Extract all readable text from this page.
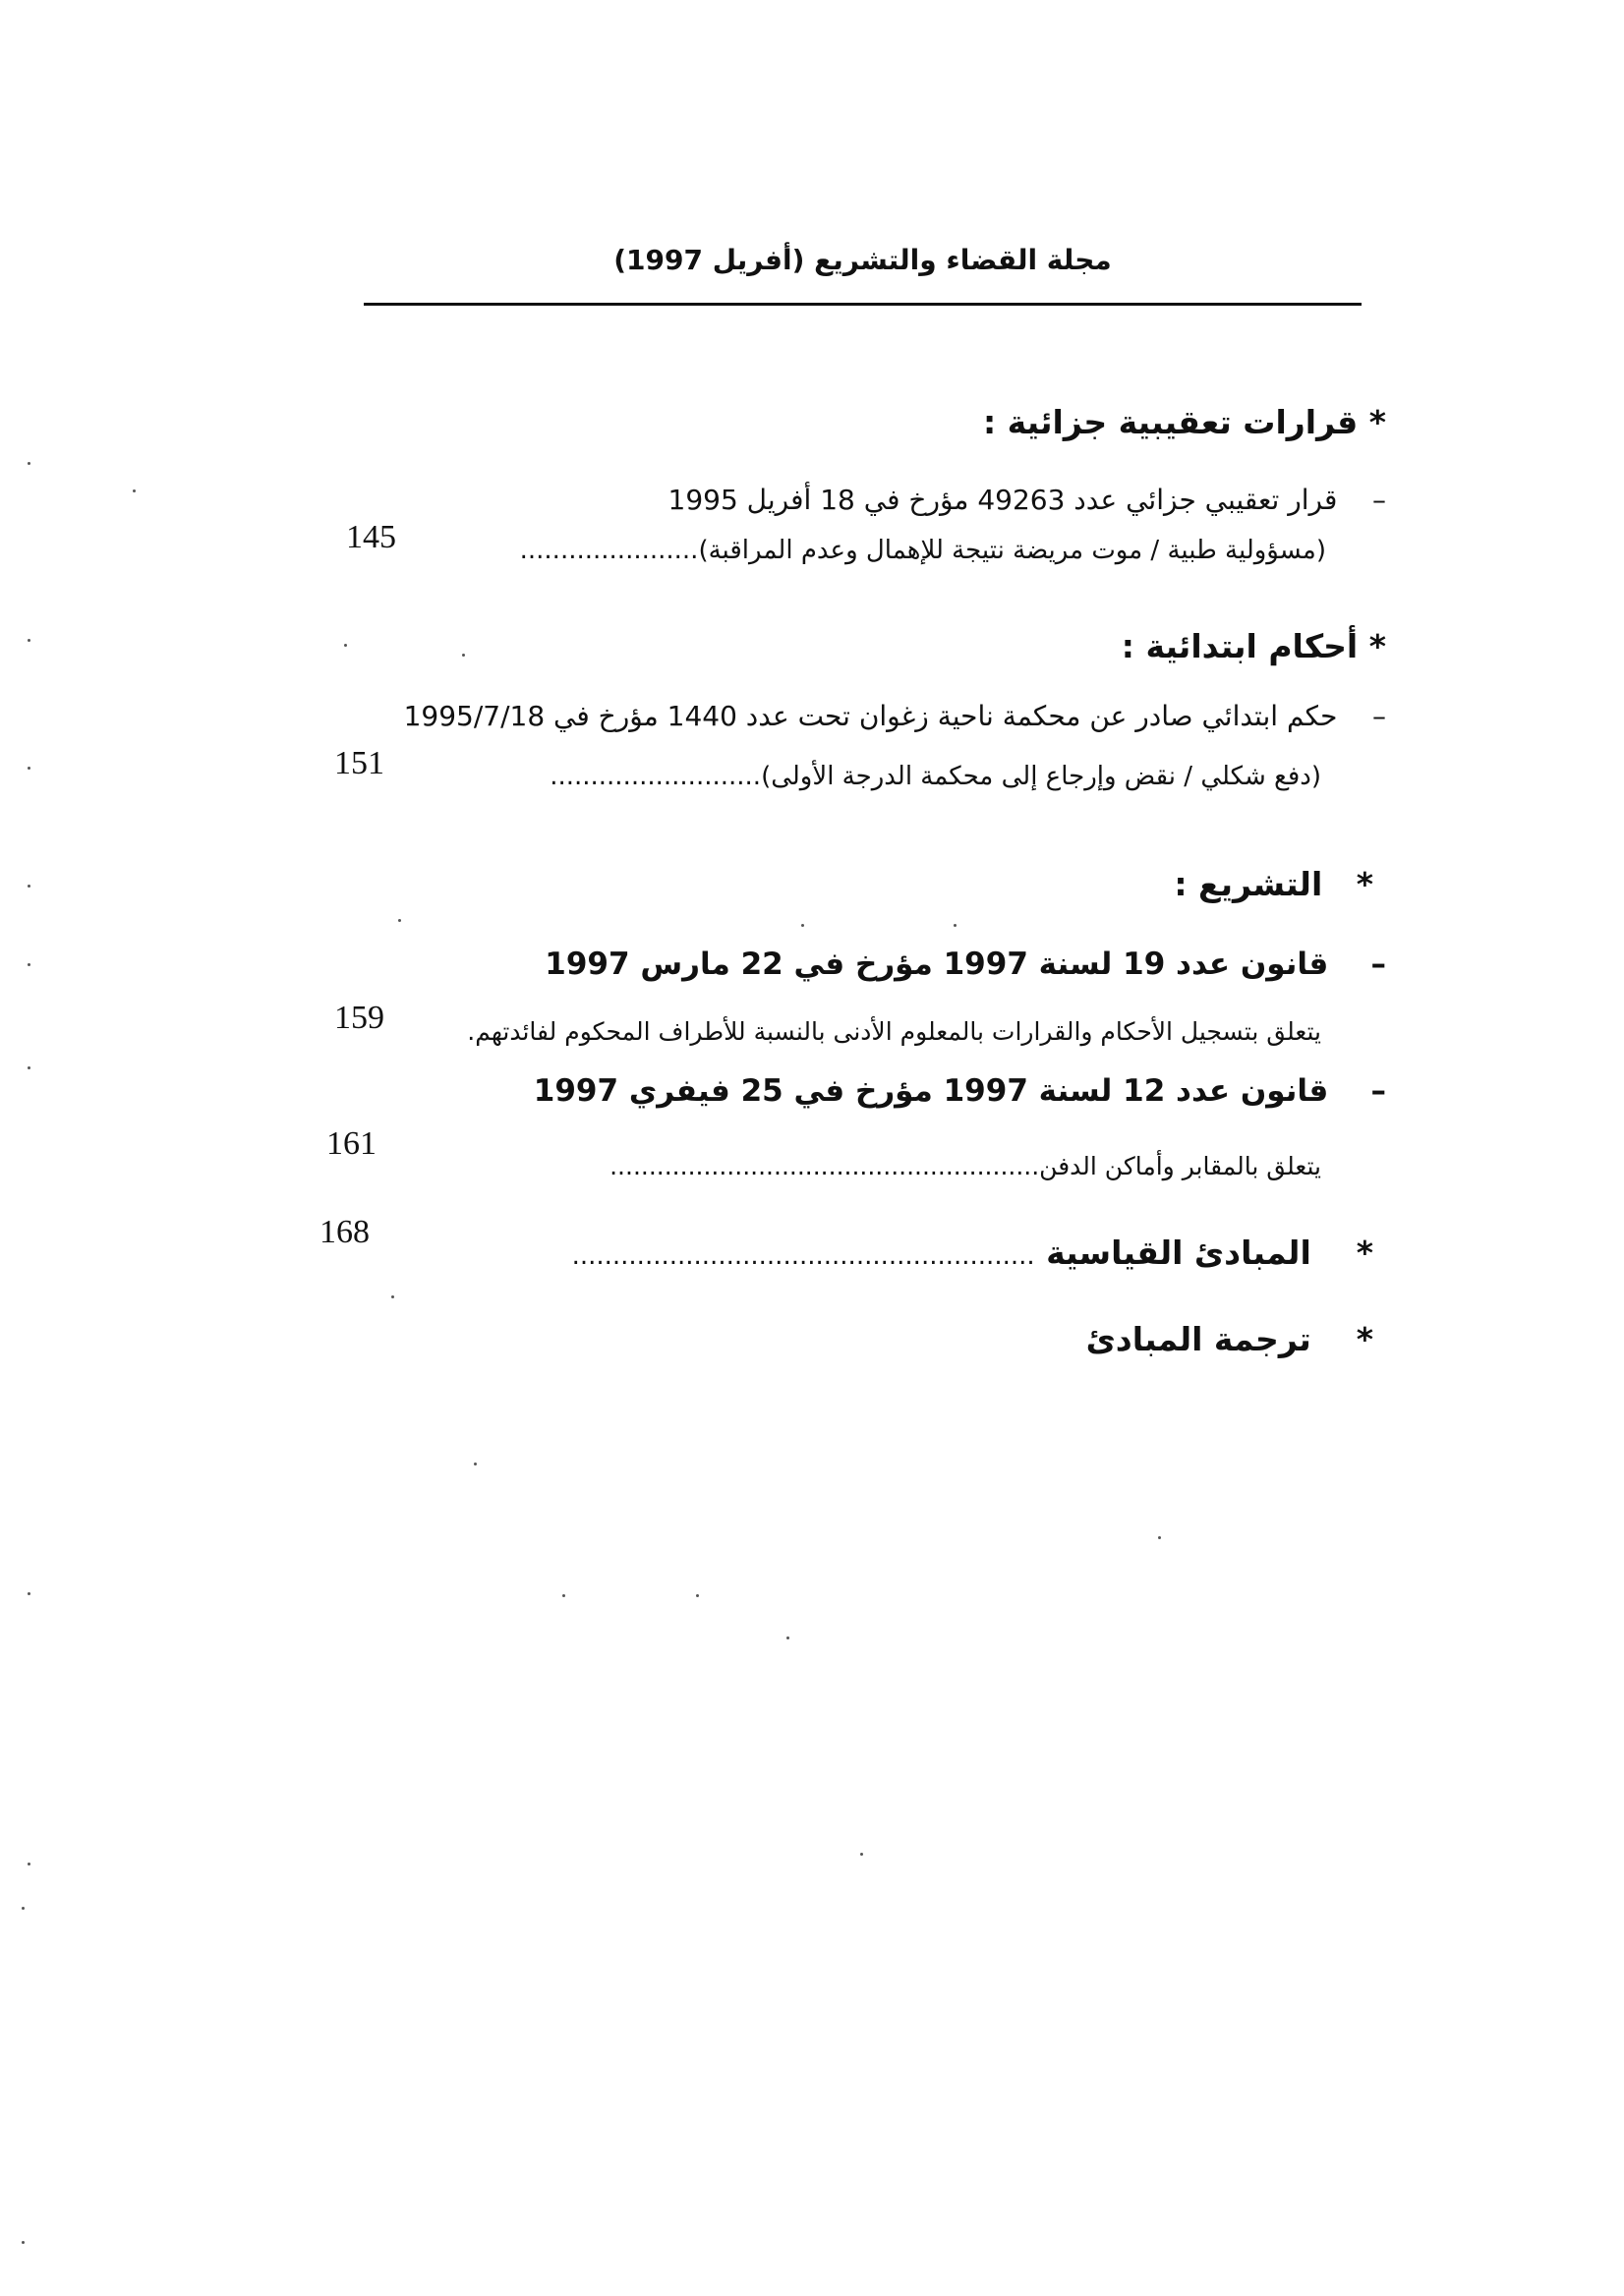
مجلة القضاء والتشريع (أفريل 1997)
* قرارات تعقيبية جزائية :
–    قرار تعقيبي جزائي عدد 49263 مؤرخ في 18 أفريل 1995
(مسؤولية طبية / موت مريضة نتيجة للإهمال وعدم المراقبة)......................
145
* أحكام ابتدائية :
–    حكم ابتدائي صادر عن محكمة ناحية زغوان تحت عدد 1440 مؤرخ في 1995/7/18
(دفع شكلي / نقض وإرجاع إلى محكمة الدرجة الأولى)..........................
151
*   التشريع :
–    قانون عدد 19 لسنة 1997 مؤرخ في 22 مارس 1997
يتعلق بتسجيل الأحكام والقرارات بالمعلوم الأدنى بالنسبة للأطراف المحكوم لفائدتهم.
159
–    قانون عدد 12 لسنة 1997 مؤرخ في 25 فيفري 1997
يتعلق بالمقابر وأماكن الدفن.......................................................
161
*    المبادئ القياسية .........................................................
168
*    ترجمة المبادئ
